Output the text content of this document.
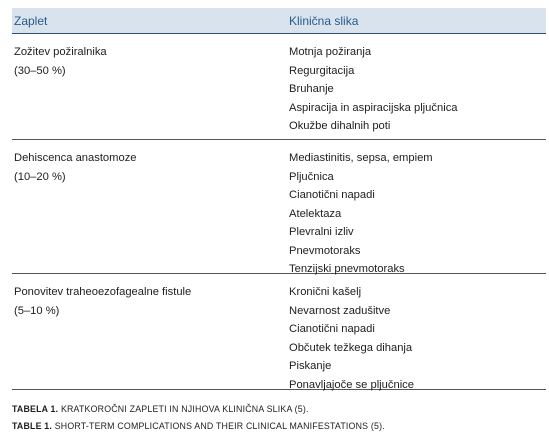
Zaplet	Klinična slika
Zožitev požiralnika
(30–50 %)
Motnja požiranja
Regurgitacija
Bruhanje
Aspiracija in aspiracijska pljučnica
Okužbe dihalnih poti
Dehiscenca anastomoze
(10–20 %)
Mediastinitis, sepsa, empiem
Pljučnica
Cianotični napadi
Atelektaza
Plevralni izliv
Pnevmotoraks
Tenzijski pnevmotoraks
Ponovitev traheoezofagealne fistule
(5–10 %)
Kronični kašelj
Nevarnost zadušitve
Cianotični napadi
Občutek težkega dihanja
Piskanje
Ponavljajoče se pljučnice
TABELA 1. KRATKOROČNI ZAPLETI IN NJIHOVA KLINIČNA SLIKA (5).
TABLE 1. SHORT-TERM COMPLICATIONS AND THEIR CLINICAL MANIFESTATIONS (5).
